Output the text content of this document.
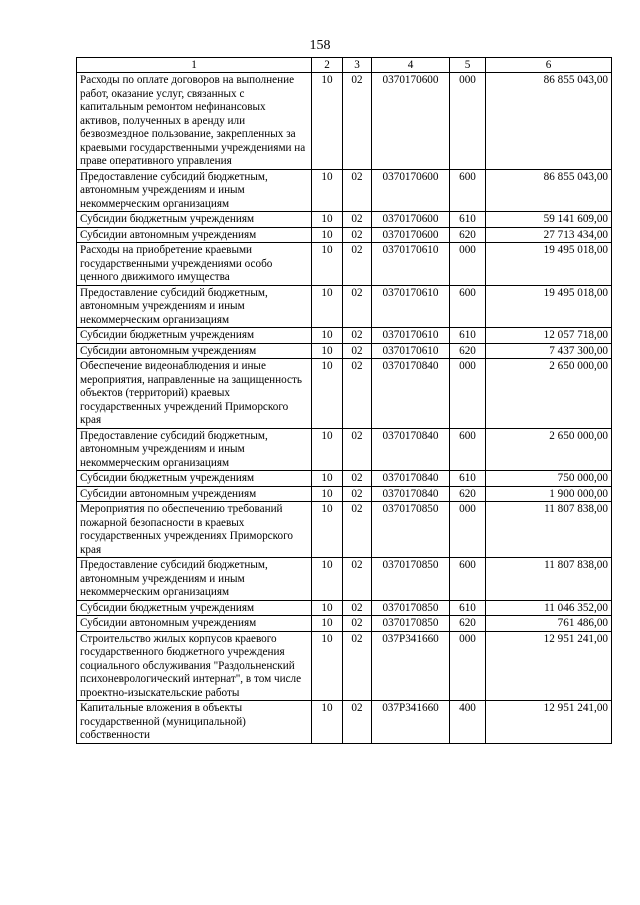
158
1	2	3	4	5	6
Расходы по оплате договоров на выполнение работ, оказание услуг, связанных с капитальным ремонтом нефинансовых активов, полученных в аренду или безвозмездное пользование, закрепленных за краевыми государственными учреждениями на праве оперативного управления	10	02	0370170600	000	86 855 043,00
Предоставление субсидий бюджетным, автономным учреждениям и иным некоммерческим организациям	10	02	0370170600	600	86 855 043,00
Субсидии бюджетным учреждениям	10	02	0370170600	610	59 141 609,00
Субсидии автономным учреждениям	10	02	0370170600	620	27 713 434,00
Расходы на приобретение краевыми государственными учреждениями особо ценного движимого имущества	10	02	0370170610	000	19 495 018,00
Предоставление субсидий бюджетным, автономным учреждениям и иным некоммерческим организациям	10	02	0370170610	600	19 495 018,00
Субсидии бюджетным учреждениям	10	02	0370170610	610	12 057 718,00
Субсидии автономным учреждениям	10	02	0370170610	620	7 437 300,00
Обеспечение видеонаблюдения и иные мероприятия, направленные на защищенность объектов (территорий) краевых государственных учреждений Приморского края	10	02	0370170840	000	2 650 000,00
Предоставление субсидий бюджетным, автономным учреждениям и иным некоммерческим организациям	10	02	0370170840	600	2 650 000,00
Субсидии бюджетным учреждениям	10	02	0370170840	610	750 000,00
Субсидии автономным учреждениям	10	02	0370170840	620	1 900 000,00
Мероприятия по обеспечению требований пожарной безопасности в краевых государственных учреждениях Приморского края	10	02	0370170850	000	11 807 838,00
Предоставление субсидий бюджетным, автономным учреждениям и иным некоммерческим организациям	10	02	0370170850	600	11 807 838,00
Субсидии бюджетным учреждениям	10	02	0370170850	610	11 046 352,00
Субсидии автономным учреждениям	10	02	0370170850	620	761 486,00
Строительство жилых корпусов краевого государственного бюджетного учреждения социального обслуживания "Раздольненский психоневрологический интернат", в том числе проектно-изыскательские работы	10	02	037P341660	000	12 951 241,00
Капитальные вложения в объекты государственной (муниципальной) собственности	10	02	037P341660	400	12 951 241,00
